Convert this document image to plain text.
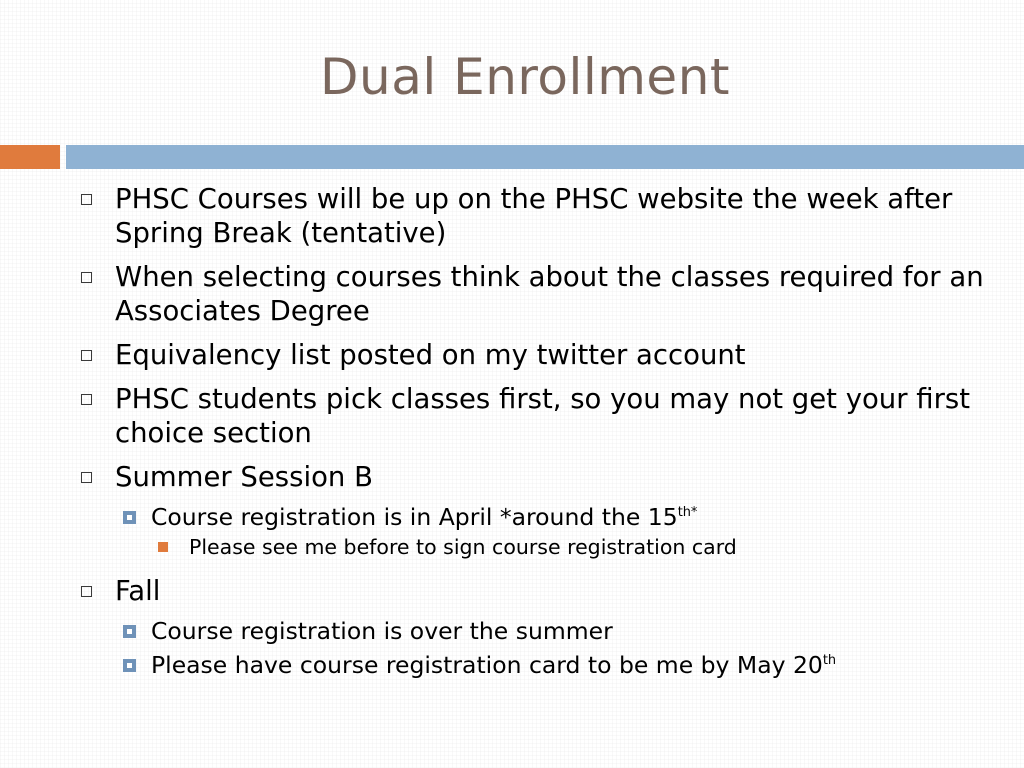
Dual Enrollment
PHSC Courses will be up on the PHSC website the week after Spring Break (tentative)
When selecting courses think about the classes required for an Associates Degree
Equivalency list posted on my twitter account
PHSC students pick classes first, so you may not get your first choice section
Summer Session B
Course registration is in April *around the $15^{th*}$
Please see me before to sign course registration card
Fall
Course registration is over the summer
Please have course registration card to be me by May 20th
